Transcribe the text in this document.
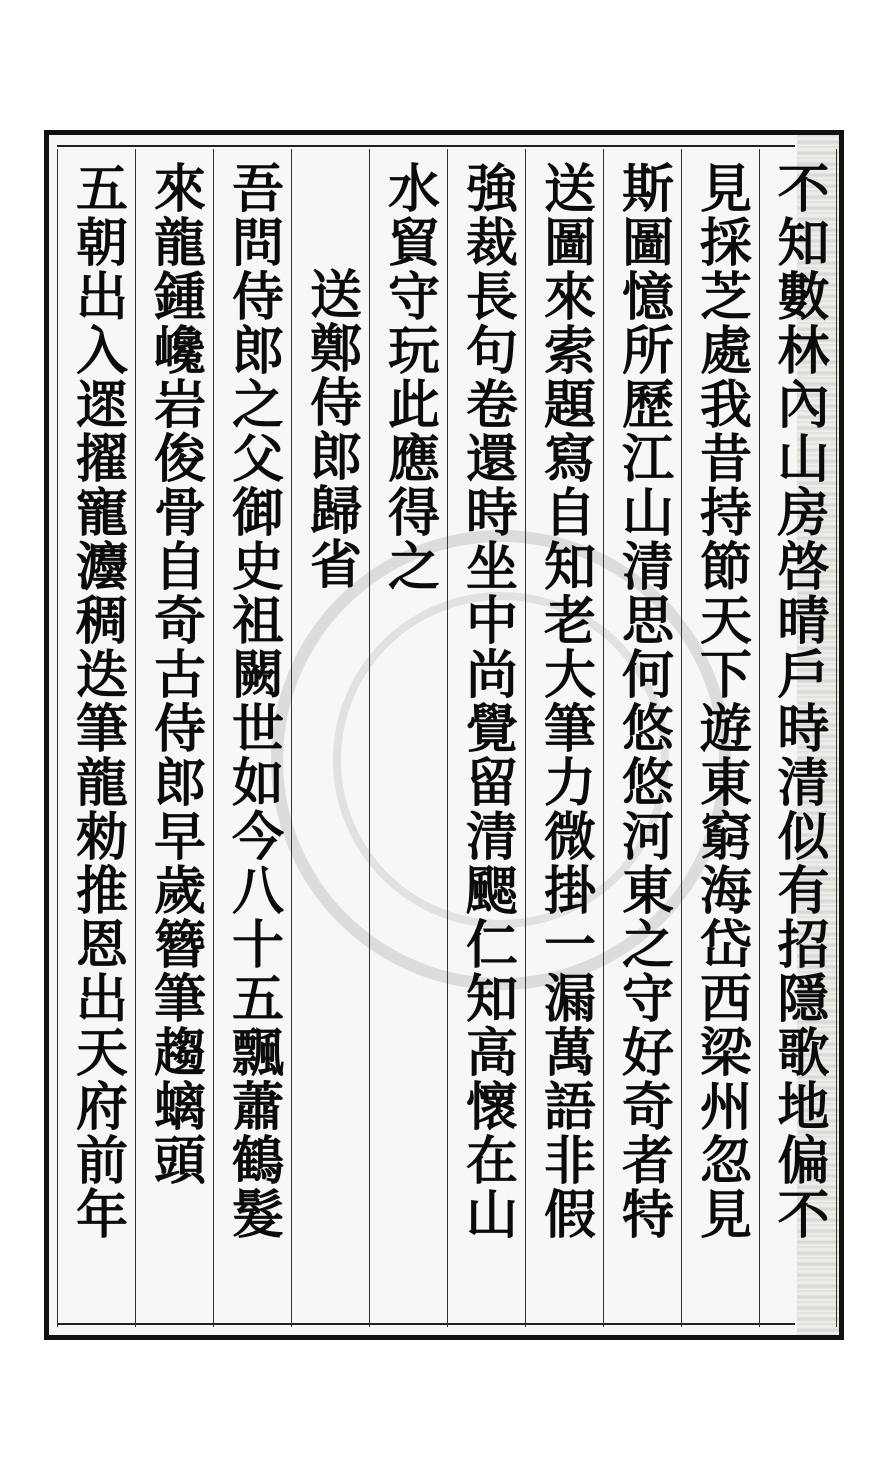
五朝出入遝擢寵灋稠迭筆龍勑推恩出天府前年 來龍鍾巉岩俊骨自奇古侍郎早歲簪筆趨螭頭 吾問侍郎之父御史祖闕世如今八十五飄蕭鶴髮 送鄭侍郎歸省 水貿守玩此應得之 強裁長句卷還時坐中尚覺留清颸仁知高懷在山 送圖來索題寫自知老大筆力微掛一漏萬語非假 斯圖憶所歷江山清思何悠悠河東之守好奇者特 見採芝處我昔持節天下遊東窮海岱西梁州忽見 不知數林內山房啓晴戶時清似有招隱歌地偏不
